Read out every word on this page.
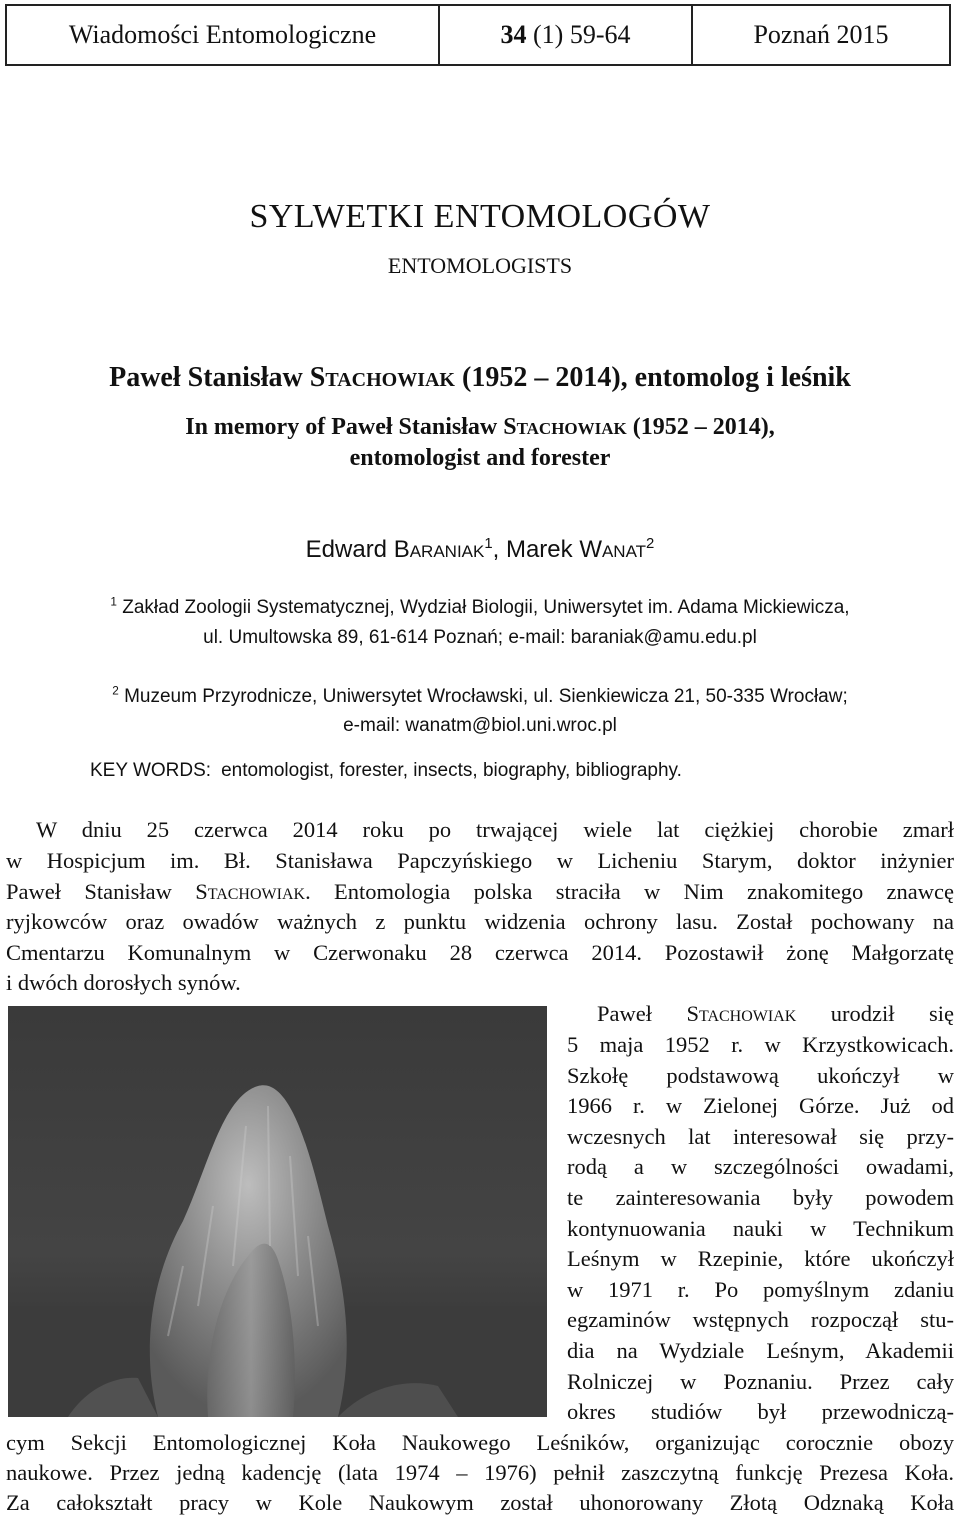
Wiadomości Entomologiczne	34 (1) 59-64	Poznań 2015
SYLWETKI ENTOMOLOGÓW
ENTOMOLOGISTS
Paweł Stanisław Stachowiak (1952 – 2014), entomolog i leśnik
In memory of Paweł Stanisław Stachowiak (1952 – 2014),
entomologist and forester
Edward Baraniak$^1$, Marek Wanat$^2$
$^1$ Zakład Zoologii Systematycznej, Wydział Biologii, Uniwersytet im. Adama Mickiewicza,
ul. Umultowska 89, 61-614 Poznań; e-mail: baraniak@amu.edu.pl
$^2$ Muzeum Przyrodnicze, Uniwersytet Wrocławski, ul. Sienkiewicza 21, 50-335 Wrocław;
e-mail: wanatm@biol.uni.wroc.pl
KEY WORDS: entomologist, forester, insects, biography, bibliography.
W dniu 25 czerwca 2014 roku po trwającej wiele lat ciężkiej chorobie zmarł
w Hospicjum im. Bł. Stanisława Papczyńskiego w Licheniu Starym, doktor inżynier
Paweł Stanisław Stachowiak. Entomologia polska straciła w Nim znakomitego znawcę
ryjkowców oraz owadów ważnych z punktu widzenia ochrony lasu. Został pochowany na
Cmentarzu Komunalnym w Czerwonaku 28 czerwca 2014. Pozostawił żonę Małgorzatę
i dwóch dorosłych synów.
Paweł Stachowiak urodził się
5 maja 1952 r. w Krzystkowicach.
Szkołę podstawową ukończył w
1966 r. w Zielonej Górze. Już od
wczesnych lat interesował się przy-
rodą a w szczególności owadami,
te zainteresowania były powodem
kontynuowania nauki w Technikum
Leśnym w Rzepinie, które ukończył
w 1971 r. Po pomyślnym zdaniu
egzaminów wstępnych rozpoczął stu-
dia na Wydziale Leśnym, Akademii
Rolniczej w Poznaniu. Przez cały
okres studiów był przewodniczą-
cym Sekcji Entomologicznej Koła Naukowego Leśników, organizując corocznie obozy
naukowe. Przez jedną kadencję (lata 1974 – 1976) pełnił zaszczytną funkcję Prezesa Koła.
Za całokształt pracy w Kole Naukowym został uhonorowany Złotą Odznaką Koła
